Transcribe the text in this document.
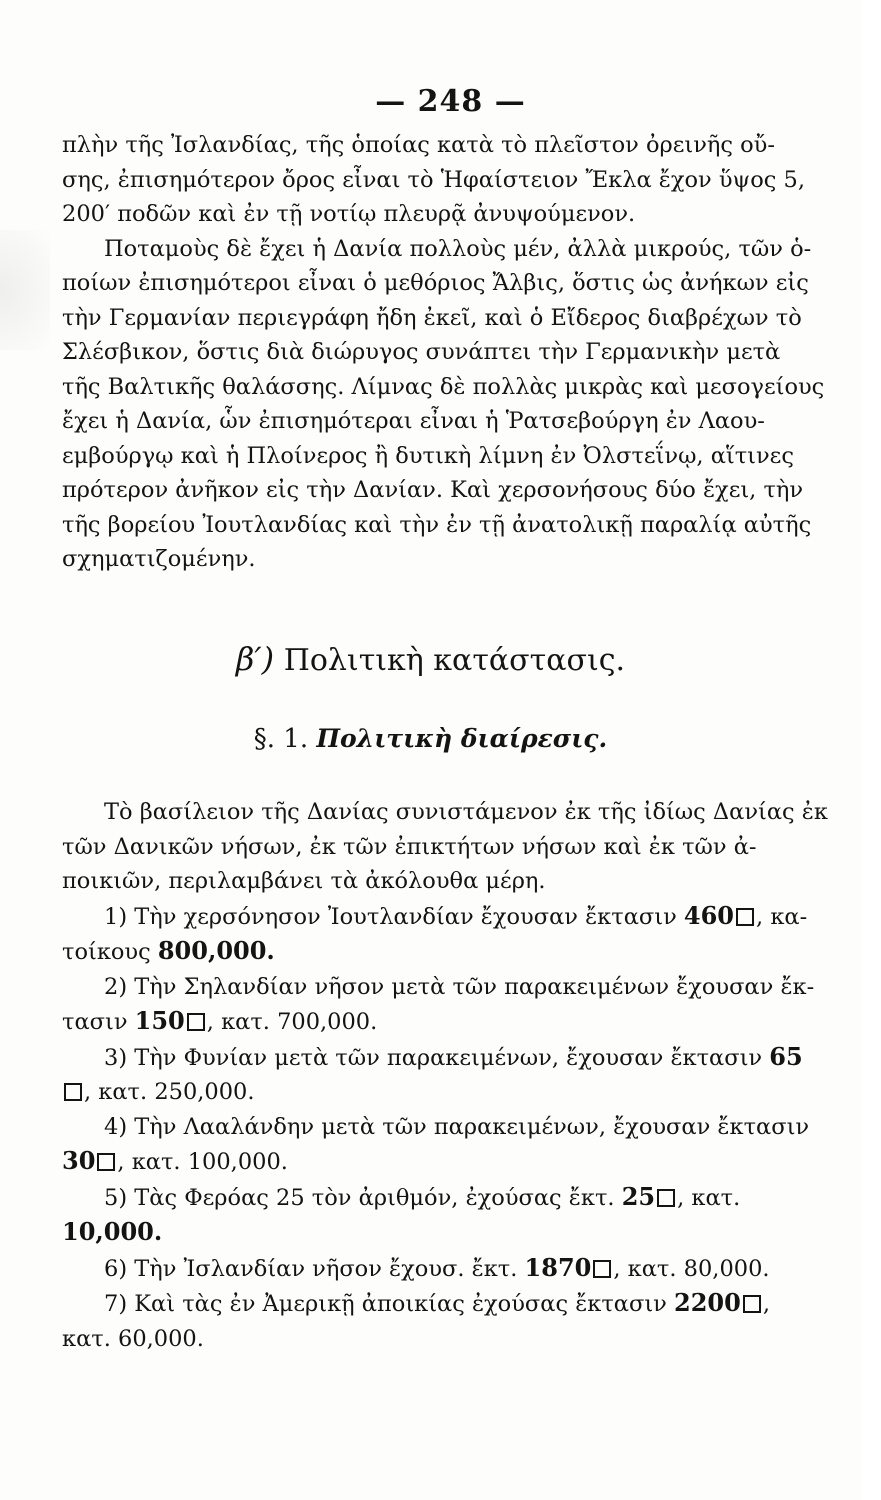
— 248 —
πλὴν τῆς Ἰσλανδίας, τῆς ὁποίας κατὰ τὸ πλεῖστον ὀρεινῆς οὔ-
σης, ἐπισημότερον ὄρος εἶναι τὸ Ἡφαίστειον Ἔκλα ἔχον ὕψος 5,
200′ ποδῶν καὶ ἐν τῇ νοτίῳ πλευρᾷ ἀνυψούμενον.
Ποταμοὺς δὲ ἔχει ἡ Δανία πολλοὺς μέν, ἀλλὰ μικρούς, τῶν ὁ-
ποίων ἐπισημότεροι εἶναι ὁ μεθόριος Ἄλβις, ὅστις ὡς ἀνήκων εἰς
τὴν Γερμανίαν περιεγράφη ἤδη ἐκεῖ, καὶ ὁ Εἴδερος διαβρέχων τὸ
Σλέσβικον, ὅστις διὰ διώρυγος συνάπτει τὴν Γερμανικὴν μετὰ
τῆς Βαλτικῆς θαλάσσης. Λίμνας δὲ πολλὰς μικρὰς καὶ μεσογείους
ἔχει ἡ Δανία, ὧν ἐπισημότεραι εἶναι ἡ Ῥατσεβούργη ἐν Λαου-
εμβούργῳ καὶ ἡ Πλοίνερος ἢ δυτικὴ λίμνη ἐν Ὀλστεΐνῳ, αἵτινες
πρότερον ἀνῆκον εἰς τὴν Δανίαν. Καὶ χερσονήσους δύο ἔχει, τὴν
τῆς βορείου Ἰουτλανδίας καὶ τὴν ἐν τῇ ἀνατολικῇ παραλίᾳ αὐτῆς
σχηματιζομένην.
β′) Πολιτικὴ κατάστασις.
§. 1. Πολιτικὴ διαίρεσις.
Τὸ βασίλειον τῆς Δανίας συνιστάμενον ἐκ τῆς ἰδίως Δανίας ἐκ
τῶν Δανικῶν νήσων, ἐκ τῶν ἐπικτήτων νήσων καὶ ἐκ τῶν ἀ-
ποικιῶν, περιλαμβάνει τὰ ἀκόλουθα μέρη.
1) Τὴν χερσόνησον Ἰουτλανδίαν ἔχουσαν ἔκτασιν 460 , κα-
τοίκους 800,000.
2) Τὴν Σηλανδίαν νῆσον μετὰ τῶν παρακειμένων ἔχουσαν ἔκ-
τασιν 150 , κατ. 700,000.
3) Τὴν Φυνίαν μετὰ τῶν παρακειμένων, ἔχουσαν ἔκτασιν 65
, κατ. 250,000.
4) Τὴν Λααλάνδην μετὰ τῶν παρακειμένων, ἔχουσαν ἔκτασιν
30 , κατ. 100,000.
5) Τὰς Φερόας 25 τὸν ἀριθμόν, ἐχούσας ἔκτ. 25 , κατ.
10,000.
6) Τὴν Ἰσλανδίαν νῆσον ἔχουσ. ἔκτ. 1870 , κατ. 80,000.
7) Καὶ τὰς ἐν Ἀμερικῇ ἀποικίας ἐχούσας ἔκτασιν 2200 ,
κατ. 60,000.
